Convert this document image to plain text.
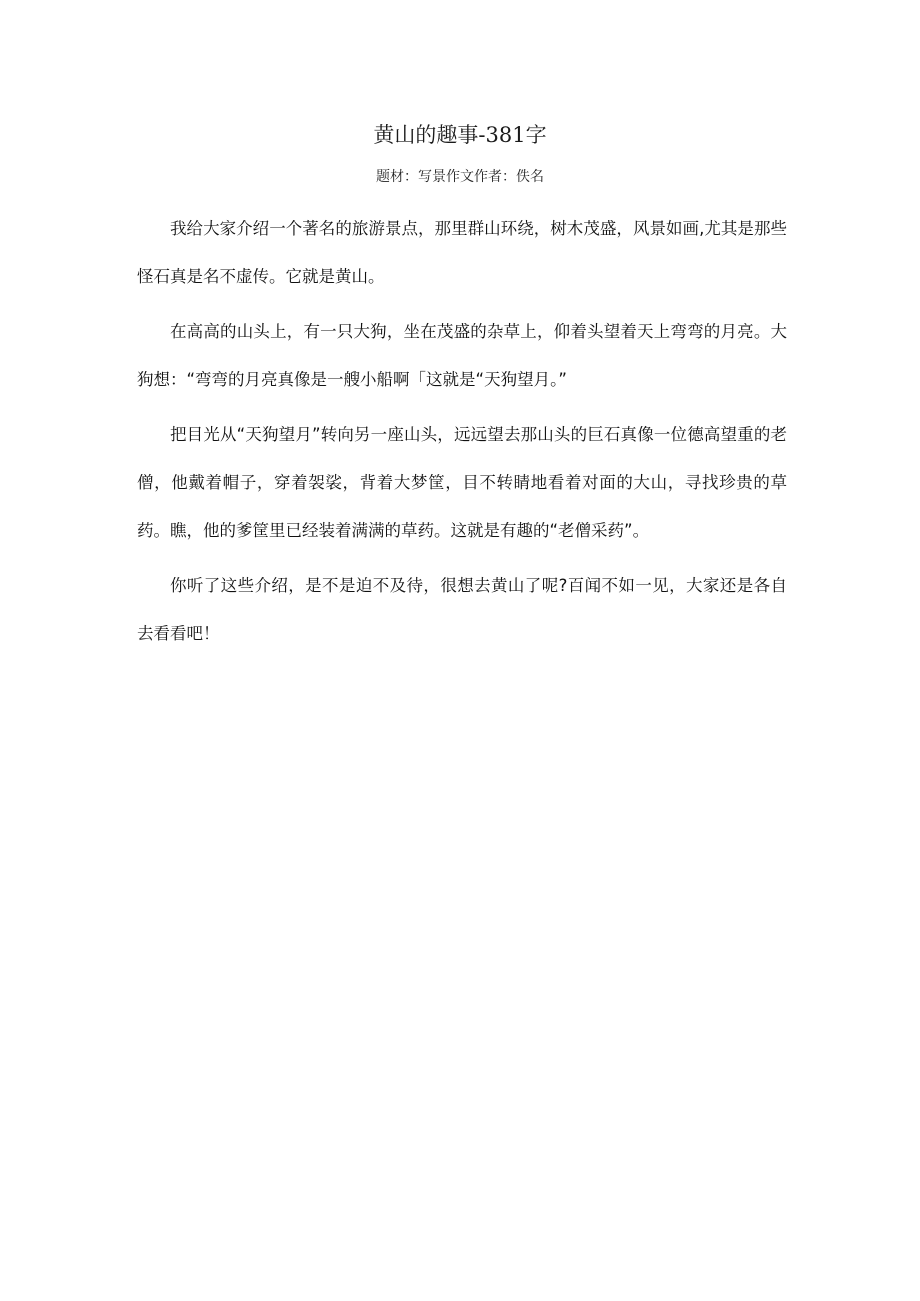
黄山的趣事-381字
题材：写景作文作者：佚名

我给大家介绍一个著名的旅游景点，那里群山环绕，树木茂盛，风景如画,尤其是那些怪石真是名不虚传。它就是黄山。

在高高的山头上，有一只大狗，坐在茂盛的杂草上，仰着头望着天上弯弯的月亮。大狗想：“弯弯的月亮真像是一艘小船啊「这就是“天狗望月。”

把目光从“天狗望月”转向另一座山头，远远望去那山头的巨石真像一位德高望重的老僧，他戴着帽子，穿着袈裟，背着大梦筐，目不转睛地看着对面的大山，寻找珍贵的草药。瞧，他的爹筐里已经装着满满的草药。这就是有趣的“老僧采药”。

你听了这些介绍，是不是迫不及待，很想去黄山了呢?百闻不如一见，大家还是各自去看看吧！
